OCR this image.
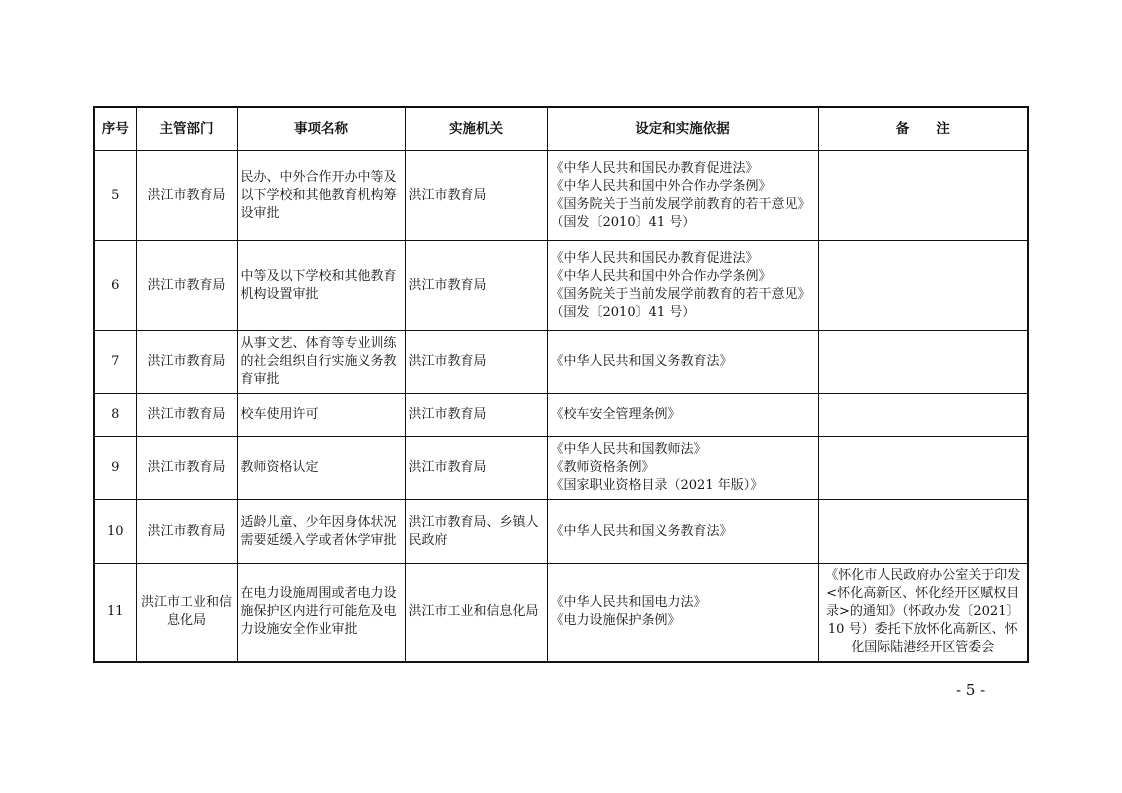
序号	主管部门	事项名称	实施机关	设定和实施依据	备　　注
5	洪江市教育局	民办、中外合作开办中等及以下学校和其他教育机构筹设审批	洪江市教育局	《中华人民共和国民办教育促进法》
《中华人民共和国中外合作办学条例》
《国务院关于当前发展学前教育的若干意见》（国发〔2010〕41 号）	

6	洪江市教育局	中等及以下学校和其他教育机构设置审批	洪江市教育局	《中华人民共和国民办教育促进法》
《中华人民共和国中外合作办学条例》
《国务院关于当前发展学前教育的若干意见》（国发〔2010〕41 号）	

7	洪江市教育局	从事文艺、体育等专业训练的社会组织自行实施义务教育审批	洪江市教育局	《中华人民共和国义务教育法》	

8	洪江市教育局	校车使用许可	洪江市教育局	《校车安全管理条例》	

9	洪江市教育局	教师资格认定	洪江市教育局	《中华人民共和国教师法》
《教师资格条例》
《国家职业资格目录（2021 年版）》	

10	洪江市教育局	适龄儿童、少年因身体状况需要延缓入学或者休学审批	洪江市教育局、乡镇人民政府	《中华人民共和国义务教育法》	

11	洪江市工业和信息化局	在电力设施周围或者电力设施保护区内进行可能危及电力设施安全作业审批	洪江市工业和信息化局	《中华人民共和国电力法》
《电力设施保护条例》	《怀化市人民政府办公室关于印发<怀化高新区、怀化经开区赋权目录>的通知》（怀政办发〔2021〕10 号）委托下放怀化高新区、怀化国际陆港经开区管委会
- 5 -
